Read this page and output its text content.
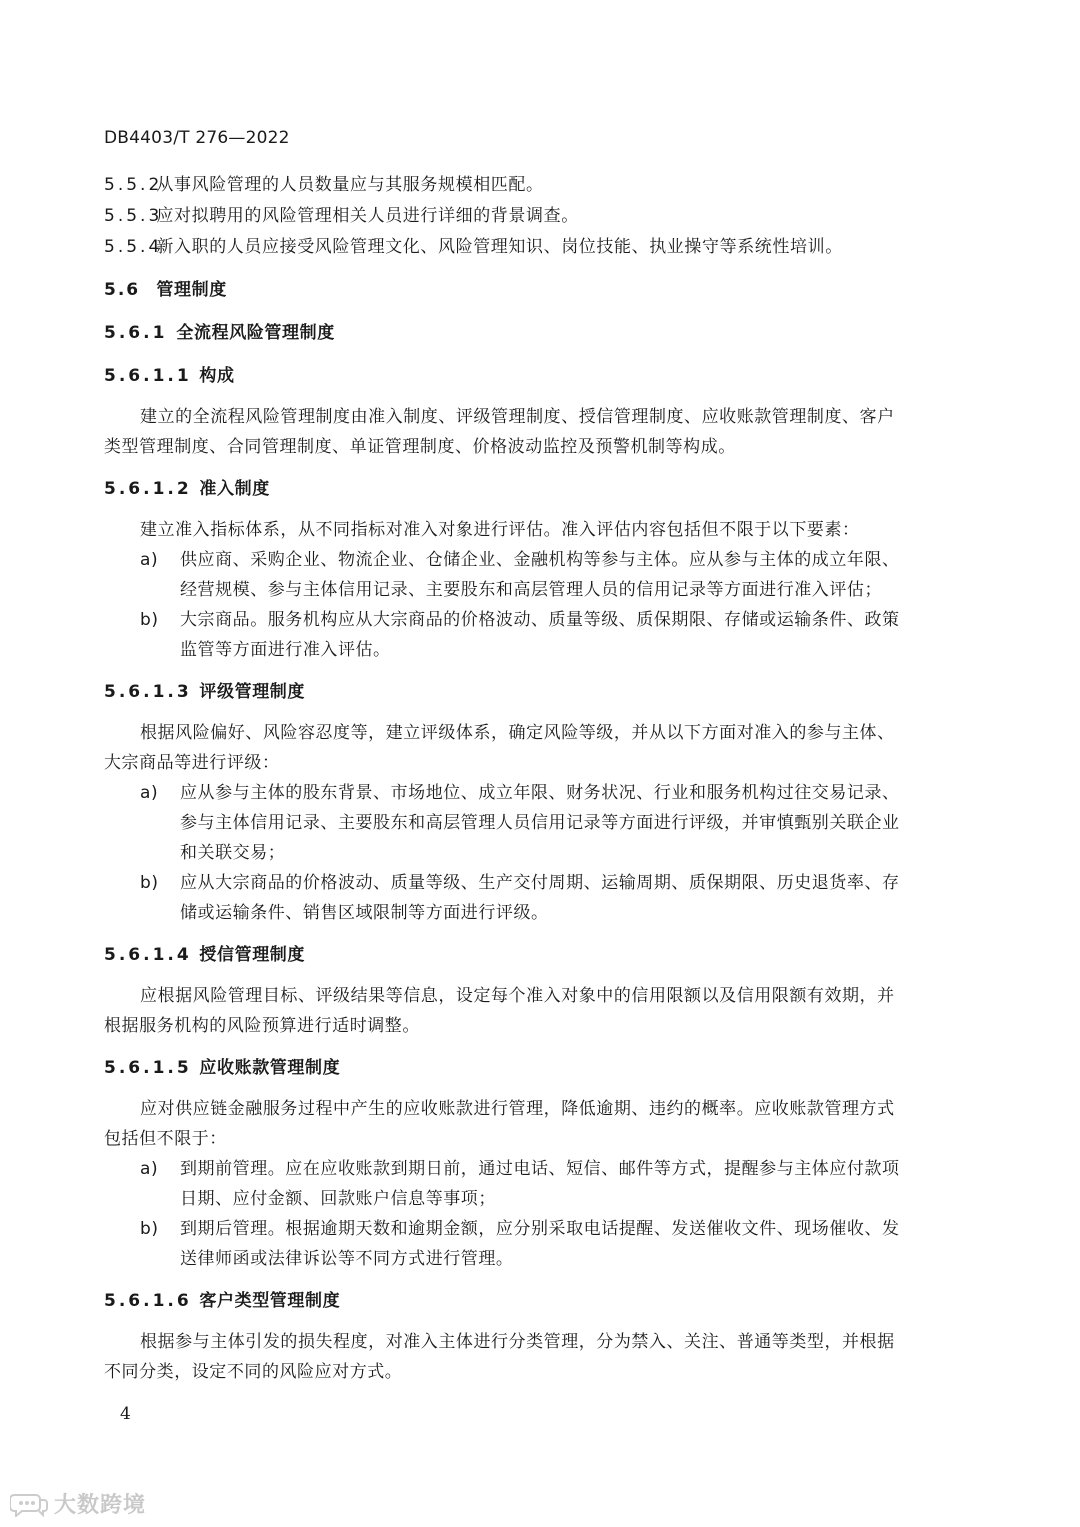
DB4403/T 276—2022
5.5.2 从事风险管理的人员数量应与其服务规模相匹配。
5.5.3 应对拟聘用的风险管理相关人员进行详细的背景调查。
5.5.4 新入职的人员应接受风险管理文化、风险管理知识、岗位技能、执业操守等系统性培训。
5.6 管理制度
5.6.1 全流程风险管理制度
5.6.1.1 构成
建立的全流程风险管理制度由准入制度、评级管理制度、授信管理制度、应收账款管理制度、客户
类型管理制度、合同管理制度、单证管理制度、价格波动监控及预警机制等构成。
5.6.1.2 准入制度
建立准入指标体系，从不同指标对准入对象进行评估。准入评估内容包括但不限于以下要素：
a) 供应商、采购企业、物流企业、仓储企业、金融机构等参与主体。应从参与主体的成立年限、
经营规模、参与主体信用记录、主要股东和高层管理人员的信用记录等方面进行准入评估；
b) 大宗商品。服务机构应从大宗商品的价格波动、质量等级、质保期限、存储或运输条件、政策
监管等方面进行准入评估。
5.6.1.3 评级管理制度
根据风险偏好、风险容忍度等，建立评级体系，确定风险等级，并从以下方面对准入的参与主体、
大宗商品等进行评级：
a) 应从参与主体的股东背景、市场地位、成立年限、财务状况、行业和服务机构过往交易记录、
参与主体信用记录、主要股东和高层管理人员信用记录等方面进行评级，并审慎甄别关联企业
和关联交易；
b) 应从大宗商品的价格波动、质量等级、生产交付周期、运输周期、质保期限、历史退货率、存
储或运输条件、销售区域限制等方面进行评级。
5.6.1.4 授信管理制度
应根据风险管理目标、评级结果等信息，设定每个准入对象中的信用限额以及信用限额有效期，并
根据服务机构的风险预算进行适时调整。
5.6.1.5 应收账款管理制度
应对供应链金融服务过程中产生的应收账款进行管理，降低逾期、违约的概率。应收账款管理方式
包括但不限于：
a) 到期前管理。应在应收账款到期日前，通过电话、短信、邮件等方式，提醒参与主体应付款项
日期、应付金额、回款账户信息等事项；
b) 到期后管理。根据逾期天数和逾期金额，应分别采取电话提醒、发送催收文件、现场催收、发
送律师函或法律诉讼等不同方式进行管理。
5.6.1.6 客户类型管理制度
根据参与主体引发的损失程度，对准入主体进行分类管理，分为禁入、关注、普通等类型，并根据
不同分类，设定不同的风险应对方式。
4
大数跨境
